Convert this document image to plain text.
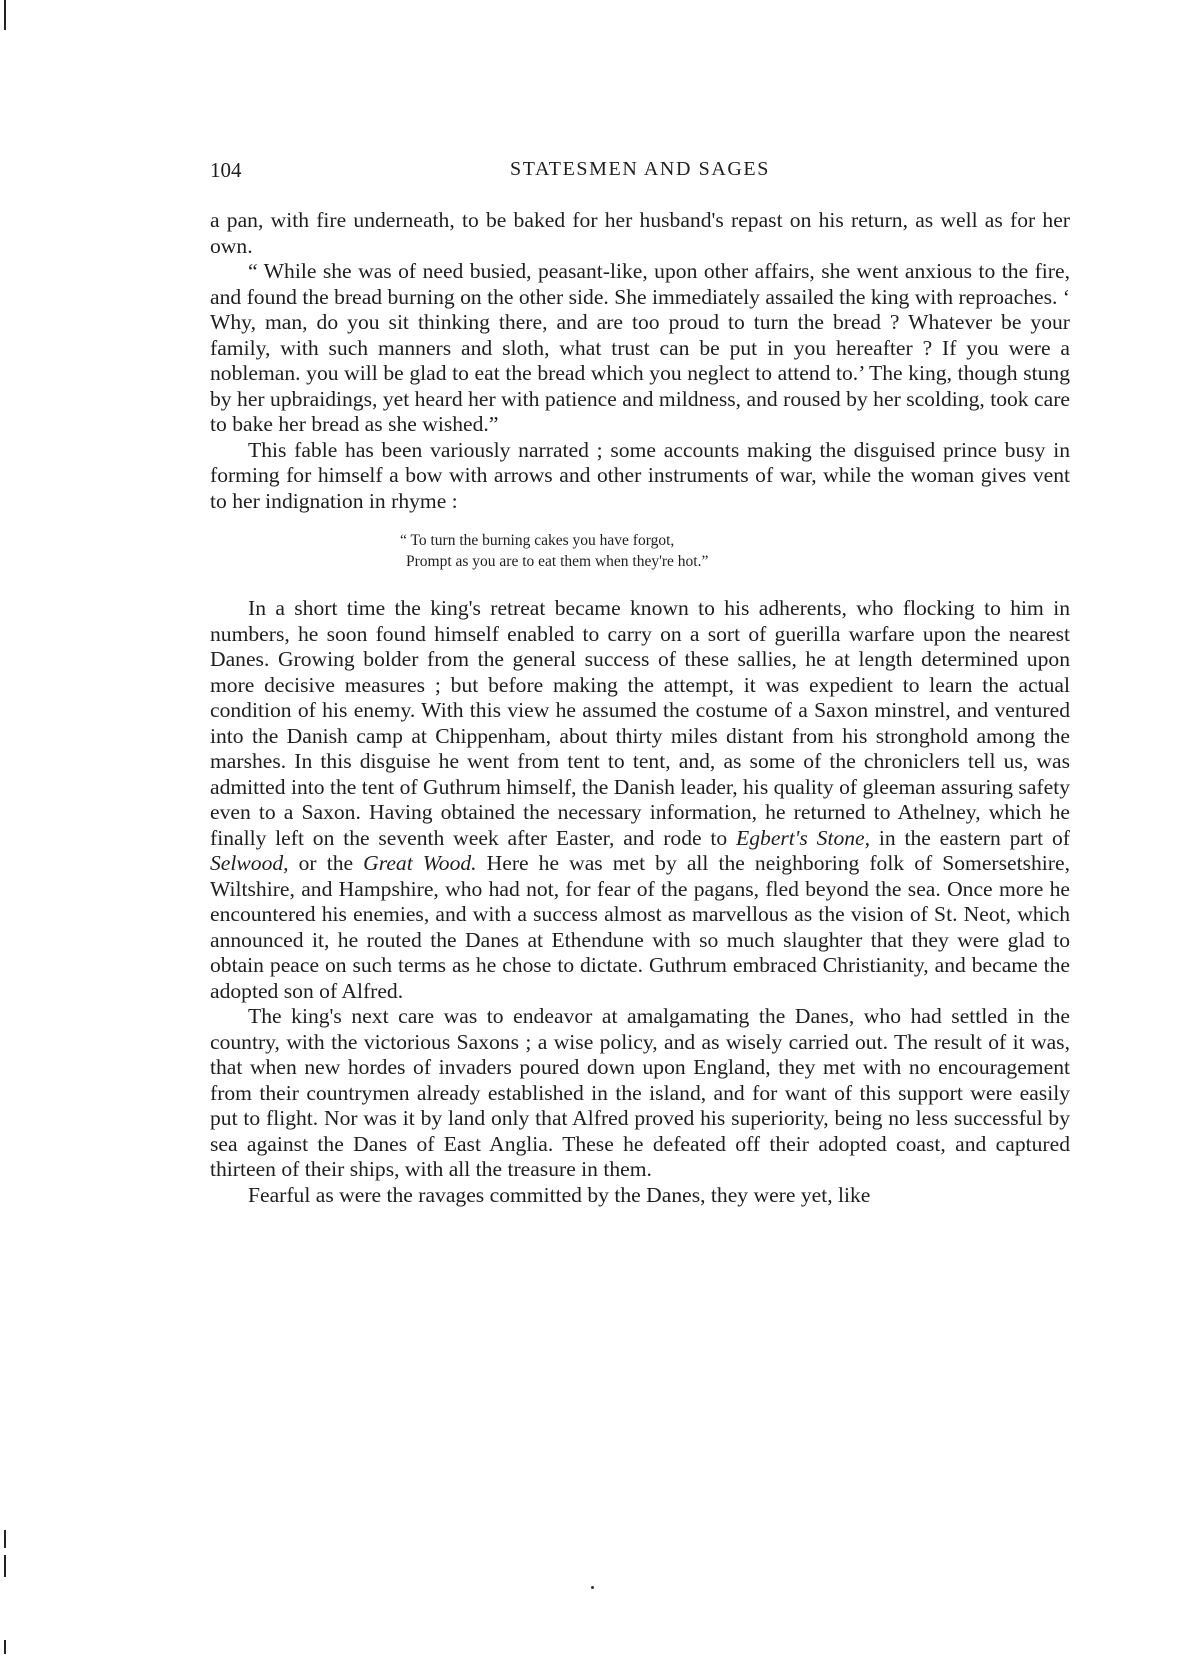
104	STATESMEN AND SAGES

a pan, with fire underneath, to be baked for her husband's repast on his return, as well as for her own.

“ While she was of need busied, peasant-like, upon other affairs, she went anxious to the fire, and found the bread burning on the other side. She immediately assailed the king with reproaches. ‘ Why, man, do you sit thinking there, and are too proud to turn the bread ? Whatever be your family, with such manners and sloth, what trust can be put in you hereafter ? If you were a nobleman. you will be glad to eat the bread which you neglect to attend to.’ The king, though stung by her upbraidings, yet heard her with patience and mildness, and roused by her scolding, took care to bake her bread as she wished.”

This fable has been variously narrated ; some accounts making the disguised prince busy in forming for himself a bow with arrows and other instruments of war, while the woman gives vent to her indignation in rhyme :

“ To turn the burning cakes you have forgot,
Prompt as you are to eat them when they're hot.”

In a short time the king's retreat became known to his adherents, who flocking to him in numbers, he soon found himself enabled to carry on a sort of guerilla warfare upon the nearest Danes. Growing bolder from the general success of these sallies, he at length determined upon more decisive measures ; but before making the attempt, it was expedient to learn the actual condition of his enemy. With this view he assumed the costume of a Saxon minstrel, and ventured into the Danish camp at Chippenham, about thirty miles distant from his stronghold among the marshes. In this disguise he went from tent to tent, and, as some of the chroniclers tell us, was admitted into the tent of Guthrum himself, the Danish leader, his quality of gleeman assuring safety even to a Saxon. Having obtained the necessary information, he returned to Athelney, which he finally left on the seventh week after Easter, and rode to Egbert's Stone, in the eastern part of Selwood, or the Great Wood. Here he was met by all the neighboring folk of Somersetshire, Wiltshire, and Hampshire, who had not, for fear of the pagans, fled beyond the sea. Once more he encountered his enemies, and with a success almost as marvellous as the vision of St. Neot, which announced it, he routed the Danes at Ethendune with so much slaughter that they were glad to obtain peace on such terms as he chose to dictate. Guthrum embraced Christianity, and became the adopted son of Alfred.

The king's next care was to endeavor at amalgamating the Danes, who had settled in the country, with the victorious Saxons ; a wise policy, and as wisely carried out. The result of it was, that when new hordes of invaders poured down upon England, they met with no encouragement from their countrymen already established in the island, and for want of this support were easily put to flight. Nor was it by land only that Alfred proved his superiority, being no less successful by sea against the Danes of East Anglia. These he defeated off their adopted coast, and captured thirteen of their ships, with all the treasure in them.

Fearful as were the ravages committed by the Danes, they were yet, like
